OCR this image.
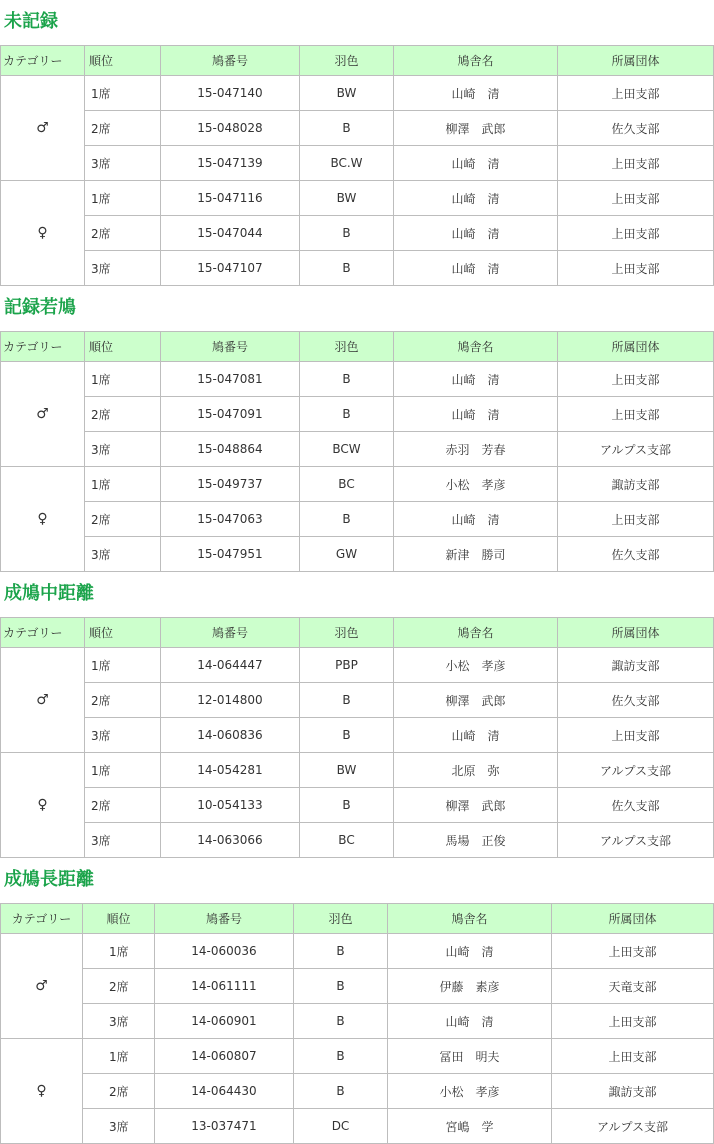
未記録
カテゴリー	順位	鳩番号	羽色	鳩舎名	所属団体
♂	1席	15-047140	BW	山崎　清	上田支部
	2席	15-048028	B	柳澤　武郎	佐久支部
	3席	15-047139	BC.W	山崎　清	上田支部
♀	1席	15-047116	BW	山崎　清	上田支部
	2席	15-047044	B	山崎　清	上田支部
	3席	15-047107	B	山崎　清	上田支部
記録若鳩
カテゴリー	順位	鳩番号	羽色	鳩舎名	所属団体
♂	1席	15-047081	B	山崎　清	上田支部
	2席	15-047091	B	山崎　清	上田支部
	3席	15-048864	BCW	赤羽　芳春	アルプス支部
♀	1席	15-049737	BC	小松　孝彦	諏訪支部
	2席	15-047063	B	山崎　清	上田支部
	3席	15-047951	GW	新津　勝司	佐久支部
成鳩中距離
カテゴリー	順位	鳩番号	羽色	鳩舎名	所属団体
♂	1席	14-064447	PBP	小松　孝彦	諏訪支部
	2席	12-014800	B	柳澤　武郎	佐久支部
	3席	14-060836	B	山崎　清	上田支部
♀	1席	14-054281	BW	北原　弥	アルプス支部
	2席	10-054133	B	柳澤　武郎	佐久支部
	3席	14-063066	BC	馬場　正俊	アルプス支部
成鳩長距離
カテゴリー	順位	鳩番号	羽色	鳩舎名	所属団体
♂	1席	14-060036	B	山崎　清	上田支部
	2席	14-061111	B	伊藤　素彦	天竜支部
	3席	14-060901	B	山崎　清	上田支部
♀	1席	14-060807	B	冨田　明夫	上田支部
	2席	14-064430	B	小松　孝彦	諏訪支部
	3席	13-037471	DC	宮嶋　学	アルプス支部
